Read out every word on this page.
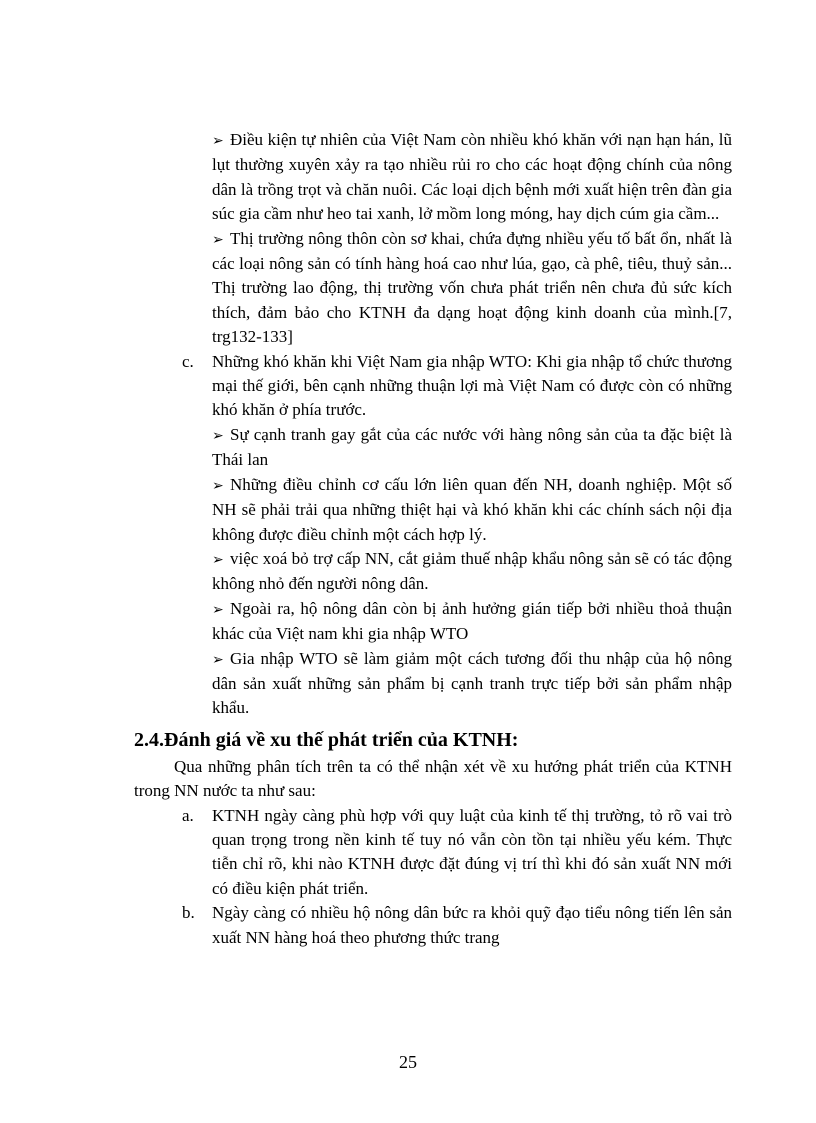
➢ Điều kiện tự nhiên của Việt Nam còn nhiều khó khăn với nạn hạn hán, lũ lụt thường xuyên xảy ra tạo nhiều rủi ro cho các hoạt động chính của nông dân là trồng trọt và chăn nuôi. Các loại dịch bệnh mới xuất hiện trên đàn gia súc gia cầm như heo tai xanh, lở mồm long móng, hay dịch cúm gia cầm...

➢ Thị trường nông thôn còn sơ khai, chứa đựng nhiều yếu tố bất ổn, nhất là các loại nông sản có tính hàng hoá cao như lúa, gạo, cà phê, tiêu, thuỷ sản... Thị trường lao động, thị trường vốn chưa phát triển nên chưa đủ sức kích thích, đảm bảo cho KTNH đa dạng hoạt động kinh doanh của mình.[7, trg132-133]

c. Những khó khăn khi Việt Nam gia nhập WTO: Khi gia nhập tổ chức thương mại thế giới, bên cạnh những thuận lợi mà Việt Nam có được còn có những khó khăn ở phía trước.

➢ Sự cạnh tranh gay gắt của các nước với hàng nông sản của ta đặc biệt là Thái lan

➢ Những điều chỉnh cơ cấu lớn liên quan đến NH, doanh nghiệp. Một số NH sẽ phải trải qua những thiệt hại và khó khăn khi các chính sách nội địa không được điều chỉnh một cách hợp lý.

➢ việc xoá bỏ trợ cấp NN, cắt giảm thuế nhập khẩu nông sản sẽ có tác động không nhỏ đến người nông dân.

➢ Ngoài ra, hộ nông dân còn bị ảnh hưởng gián tiếp bởi nhiều thoả thuận khác của Việt nam khi gia nhập WTO

➢ Gia nhập WTO sẽ làm giảm một cách tương đối thu nhập của hộ nông dân sản xuất những sản phẩm bị cạnh tranh trực tiếp bởi sản phẩm nhập khẩu.

2.4.Đánh giá về xu thế phát triển của KTNH:

Qua những phân tích trên ta có thể nhận xét về xu hướng phát triển của KTNH trong NN nước ta như sau:

a. KTNH ngày càng phù hợp với quy luật của kinh tế thị trường, tỏ rõ vai trò quan trọng trong nền kinh tế tuy nó vẫn còn tồn tại nhiều yếu kém. Thực tiễn chỉ rõ, khi nào KTNH được đặt đúng vị trí thì khi đó sản xuất NN mới có điều kiện phát triển.

b. Ngày càng có nhiều hộ nông dân bức ra khỏi quỹ đạo tiểu nông tiến lên sản xuất NN hàng hoá theo phương thức trang

25
